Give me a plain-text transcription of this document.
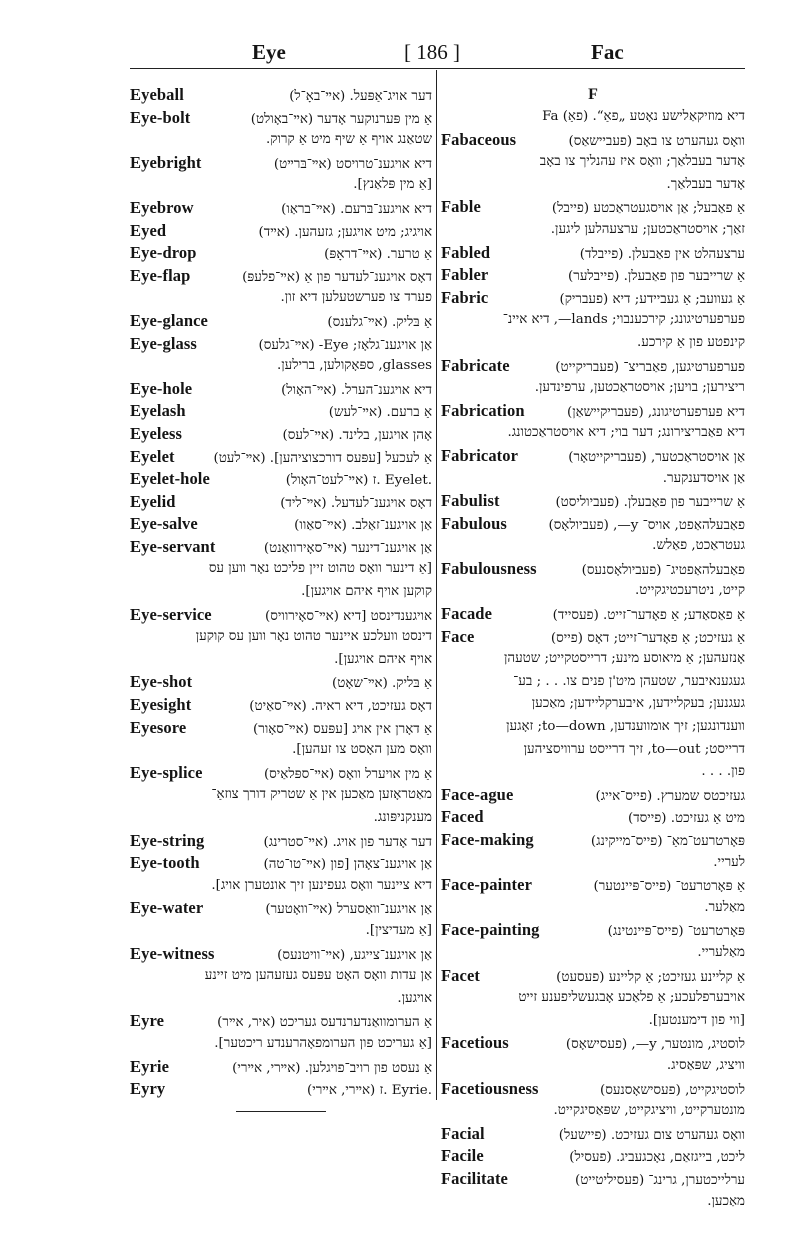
Eye	[ 186 ]	Fac
Eyeball	דער אויג־אַפּעל. (אײ־באָ־ל)
Eye-bolt	אַ מין פּערנוקער אָדער (אײ־באָולט)
שטאַנג אויף אַ שיף מיט אַ קרוק.
Eyebright	דיא אויגענ־טרויסט (אײ־בּרײט)
[אַ מין פּלאַנץ].
Eyebrow	דיא אויגענ־בּרעם. (אײ־בראַו)
Eyed	אויגיג; מיט אויגען; גזעהען. (אײד)
Eye-drop	אַ טרער. (אײ־דראָפּ)
Eye-flap	דאָס אויגענ־לעדער פון אַ (אײ־פלעפּ)
פערד צו פערשטעלען דיא זון.
Eye-glance	אַ בּליק. (אײ־גלענס)
Eye-glass	אַן אויגענ־גלאָז; Eye- (אײ־גלעס)
glasses, ספּאָקולען, ברילען.
Eye-hole	דיא אויגענ־הערל. (אײ־האָול)
Eyelash	אַ ברעם. (אײ־לעש)
Eyeless	אָהן אויגען, בלינד. (אײ־לעס)
Eyelet	אַ לעכעל [עפּעס דורכצוציהען]. (אײ־לעט)
Eyelet-hole	.Eyelet .ז (אײ־לעט־האָול)
Eyelid	דאָס אויגענ־לעדעל. (אײ־ליד)
Eye-salve	אַן אויגענ־זאַלב. (אײ־סאַוו)
Eye-servant	אַן אויגענ־דינער (אײ־סאָירוואַנט)
[אַ דינער וואָס טהוט זיין פליכט נאָר ווען עס
קוקען אויף איהם אויגען].
Eye-service	אויגענדינסט [דיא (אײ־סאָירוויס)
דינסט וועלכע איינער טהוט נאָר ווען עס קוקען
אויף איהם אויגען].
Eye-shot	אַ בּליק. (אײ־שאָט)
Eyesight	דאָס געזיכט, דיא ראיה. (אײ־סאַיט)
Eyesore	אַ דאָרן אין אויג [עפּעס (אײ־סאָור)
וואָס מען האָסט צו זעהען].
Eye-splice	אַ מין אויערל וואָס (אײ־ספּלאַיס)
מאַטראָזען מאַכען אין אַ שטריק דורך צוזאַ־
מענקניפּונג.
Eye-string	דער אָדער פון אויג. (אײ־סטרינג)
Eye-tooth	אַן אויגענ־צאָהן [פון (אײ־טו־טה)
דיא ציינער וואָס געפינען זיך אונטערן אויג].
Eye-water	אַן אויגענ־וואַסערל (אײ־וואָטער)
[אַ מעדיצין].
Eye-witness	אַן אויגענ־צייגע, (אײ־וויטנעס)
אַן עדות וואָס האָט עפּעס געזעהען מיט זיינע
אויגען.
Eyre	אַ הערומוואַנדערנדעס געריכט (איר, אײר)
[אַ געריכט פון הערומפאָהרענדע ריכטער].
Eyrie	אַ נעסט פון רויב־פויגלען. (אײרי, אײרי)
Eyry	.Eyrie .ז (אײרי, אײרי)
F
דיא מוזיקאַלישע נאָטע „פאַ“. (פאַ) Fa
Fabaceous	וואָס געהערט צו באָב (פעביישאַס)
אָדער בעבלאַך; וואָס איז עהנליך צו באָב
אָדער בעבלאַך.
Fable	אַ פאַבעל; אַן אויסגעטראַכטע (פייבל)
זאַך; אויסטראַכטען; ערצעהלען ליגען.
Fabled	ערצעהלט אין פאַבעלן. (פייבלד)
Fabler	אַ שרייבער פון פאַבעלן. (פייבלער)
Fabric	אַ געוועב; אַ געביידע; דיא (פעבריק)
פערפערטיגונג; קירכענבוי; lands—, דיא איינ־
קינפטע פון אַ קירכע.
Fabricate	פערפערטיגען, פאַבריצ־ (פעבריקייט)
ריצירען; בויען; אויסטראַכטען, ערפינדען.
Fabrication	דיא פערפערטיגונג, (פעבריקיישאַן)
דיא פאַבריצירונג; דער בוי; דיא אויסטראַכטונג.
Fabricator	אַן אויסטראַכטער, (פעבריקייטאָר)
אַן אויסדענקער.
Fabulist	אַ שרייבער פון פאַבעלן. (פעביוליסט)
Fabulous	פאַבעלהאַפט, אויס־ y—, (פעביולאָס)
געטראַכט, פאַלש.
Fabulousness	פאַבעלהאַפטיג־ (פעביולאָסנעס)
קייט, ניטרעכטיגקייט.
Facade	אַ פאַסאַדע; אַ פאָדער־זייט. (פעסייד)
Face	אַ געזיכט; אַ פאָדער־זייט; דאָס (פייס)
אָנזעהען; אַ מיאוסע מינע; דרייסטקייט; שטעהן
געגענאיבער, שטעהן מיט'ן פנים צו. . . ; בע־
געגנען; בעקליידען, איבערקליידען; מאַכען
ווענדונגען; זיך אומווענדען, to—down; זאָגען
דרייסט; to—out, זיך דרייסט ערוויסציהען
פון. . . .
Face-ague	געזיכטס שמערץ. (פייס־אייג)
Faced	מיט אַ געזיכט. (פייסד)
Face-making	פּאָרטרעט־מאַ־ (פייס־מייקינג)
לעריי.
Face-painter	אַ פּאָרטרעט־ (פייס־פּיינטער)
מאַלער.
Face-painting	פּאָרטרעט־ (פייס־פּיינטינג)
מאַלעריי.
Facet	אַ קליינע געזיכט; אַ קליינע (פעסעט)
אויבערפלעכע; אַ פלאַכע אָבגעשליפענע זייט
[ווי פון דימענטען].
Facetious	לוסטיג, מונטער, y—, (פעסישאָס)
וויציג, שפּאַסיג.
Facetiousness	לוסטיגקייט, (פעסישאָסנעס)
מונטערקייט, וויציגקייט, שפּאַסיגקייט.
Facial	וואָס געהערט צום געזיכט. (פיישעל)
Facile	ליכט, בייגזאַם, נאָכגעביג. (פעסיל)
Facilitate	ערלייכטערן, גרינג־ (פעסיליטייט)
מאַכען.
